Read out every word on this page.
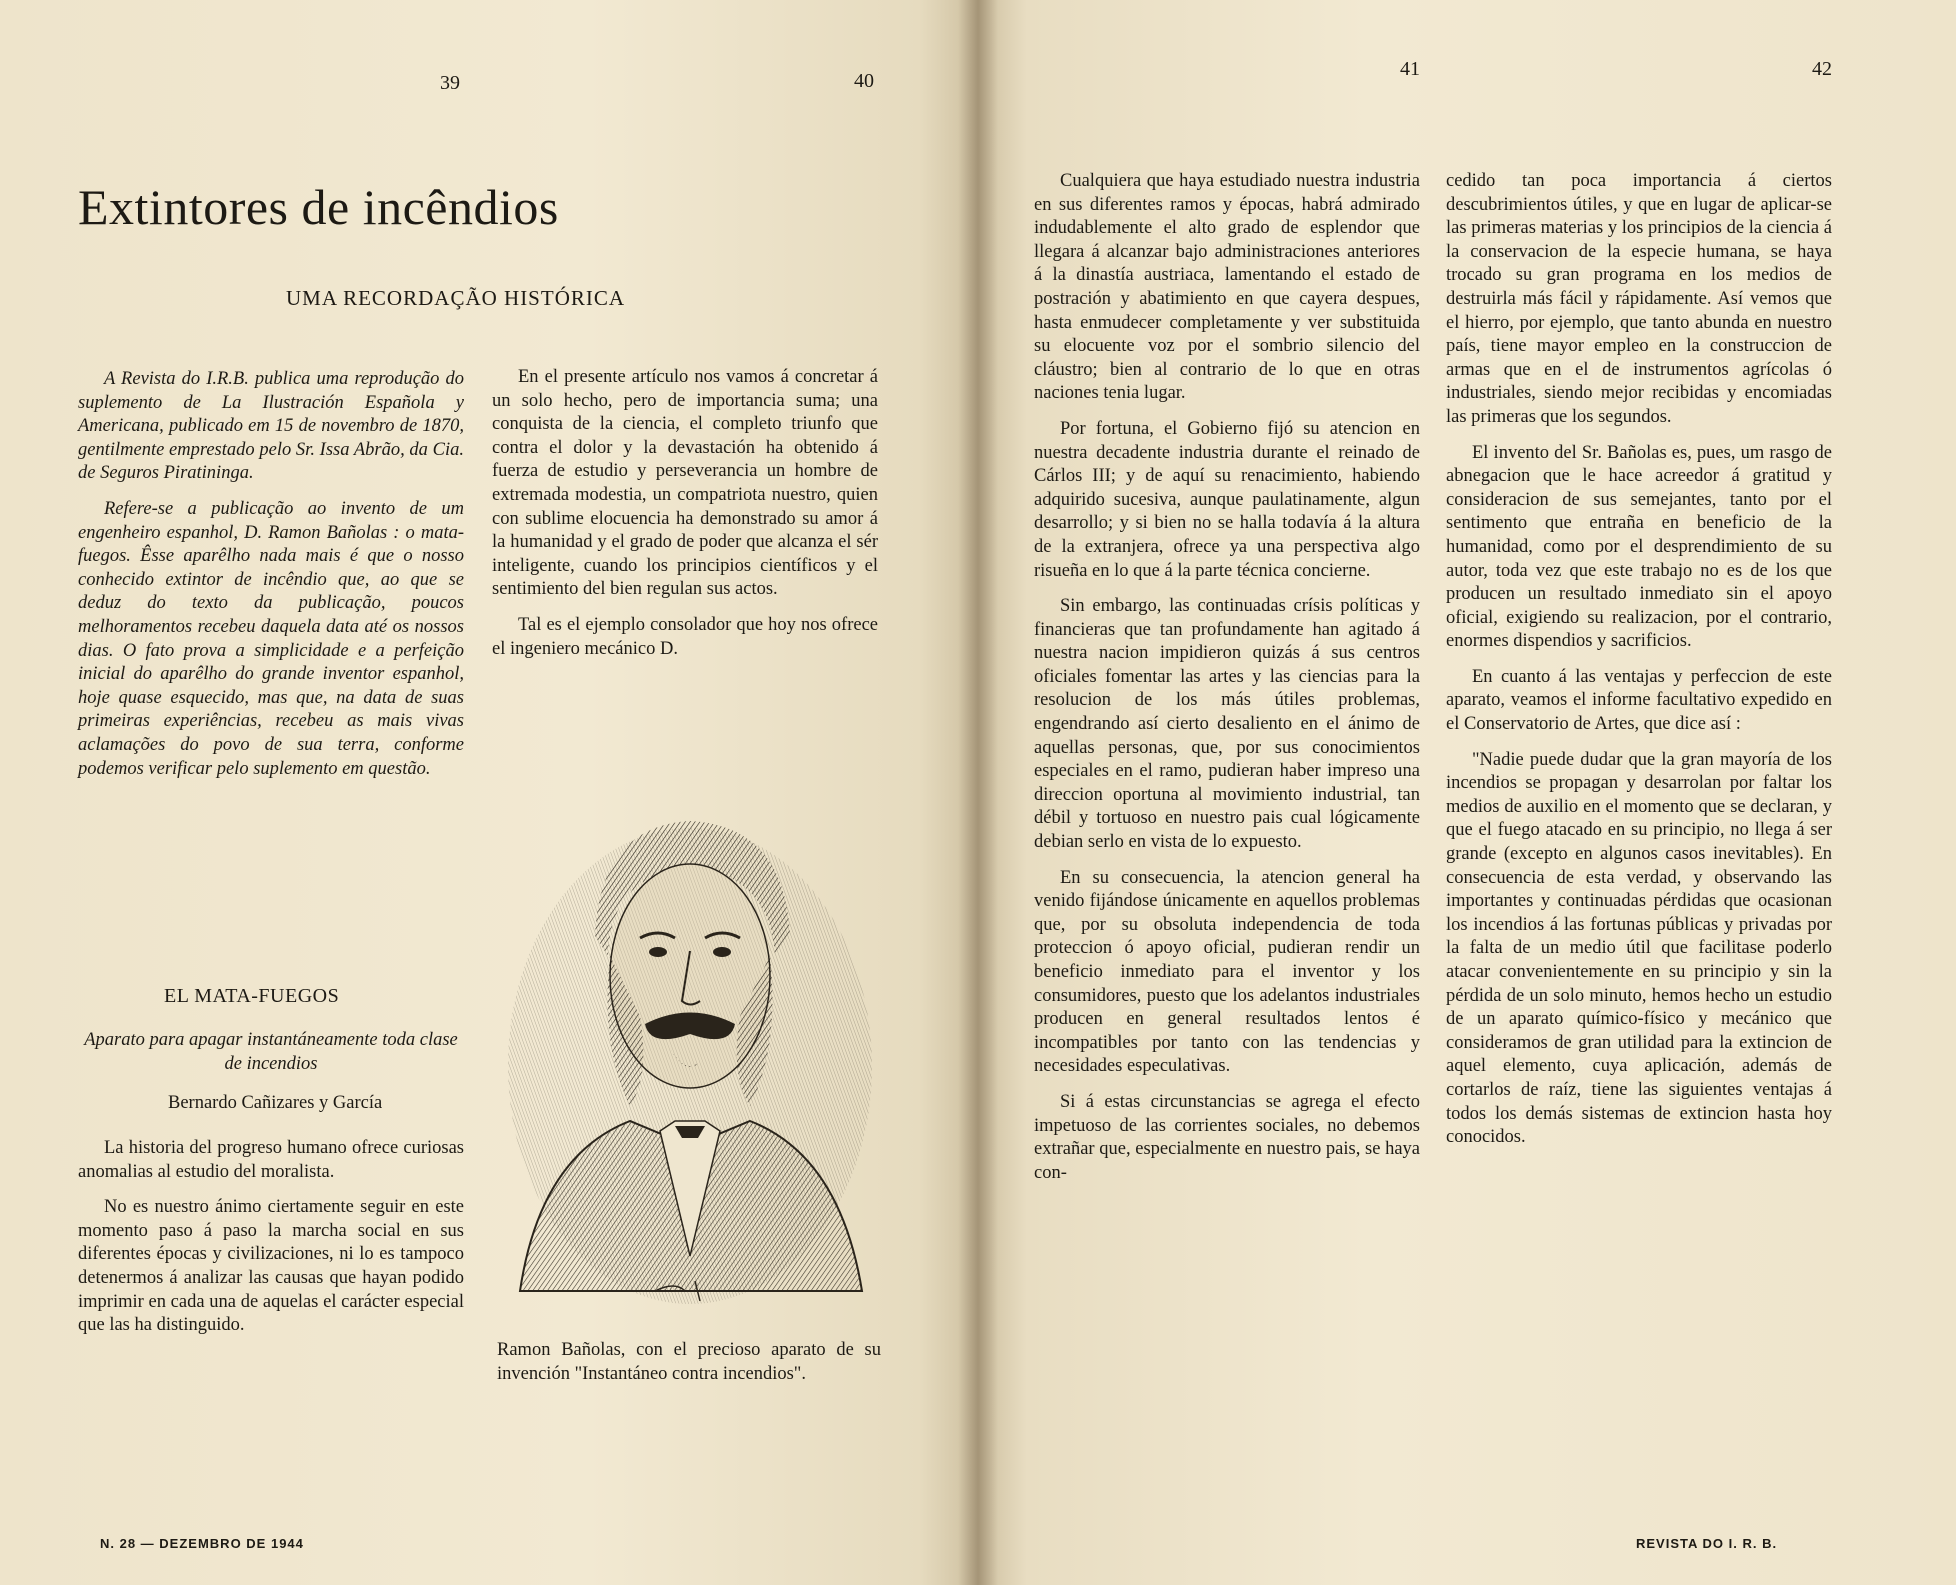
39	40
Extintores de incêndios
UMA RECORDAÇÃO HISTÓRICA

A Revista do I.R.B. publica uma reprodução do suplemento de La Ilustración Española y Americana, publicado em 15 de novembro de 1870, gentilmente emprestado pelo Sr. Issa Abrão, da Cia. de Seguros Piratininga.

Refere-se a publicação ao invento de um engenheiro espanhol, D. Ramon Bañolas : o mata-fuegos. Êsse aparêlho nada mais é que o nosso conhecido extintor de incêndio que, ao que se deduz do texto da publicação, poucos melhoramentos recebeu daquela data até os nossos dias. O fato prova a simplicidade e a perfeição inicial do aparêlho do grande inventor espanhol, hoje quase esquecido, mas que, na data de suas primeiras experiências, recebeu as mais vivas aclamações do povo de sua terra, conforme podemos verificar pelo suplemento em questão.

EL MATA-FUEGOS
Aparato para apagar instantáneamente toda clase de incendios
Bernardo Cañizares y García

La historia del progreso humano ofrece curiosas anomalias al estudio del moralista.

No es nuestro ánimo ciertamente seguir en este momento paso á paso la marcha social en sus diferentes épocas y civilizaciones, ni lo es tampoco detenermos á analizar las causas que hayan podido imprimir en cada una de aquelas el carácter especial que las ha distinguido.

En el presente artículo nos vamos á concretar á un solo hecho, pero de importancia suma; una conquista de la ciencia, el completo triunfo que contra el dolor y la devastación ha obtenido á fuerza de estudio y perseverancia un hombre de extremada modestia, un compatriota nuestro, quien con sublime elocuencia ha demonstrado su amor á la humanidad y el grado de poder que alcanza el sér inteligente, cuando los principios científicos y el sentimiento del bien regulan sus actos.

Tal es el ejemplo consolador que hoy nos ofrece el ingeniero mecánico D.

Ramon Bañolas, con el precioso aparato de su invención "Instantáneo contra incendios".
N. 28 — DEZEMBRO DE 1944
41	42

Cualquiera que haya estudiado nuestra industria en sus diferentes ramos y épocas, habrá admirado indudablemente el alto grado de esplendor que llegara á alcanzar bajo administraciones anteriores á la dinastía austriaca, lamentando el estado de postración y abatimiento en que cayera despues, hasta enmudecer completamente y ver substituida su elocuente voz por el sombrio silencio del cláustro; bien al contrario de lo que en otras naciones tenia lugar.

Por fortuna, el Gobierno fijó su atencion en nuestra decadente industria durante el reinado de Cárlos III; y de aquí su renacimiento, habiendo adquirido sucesiva, aunque paulatinamente, algun desarrollo; y si bien no se halla todavía á la altura de la extranjera, ofrece ya una perspectiva algo risueña en lo que á la parte técnica concierne.

Sin embargo, las continuadas crísis políticas y financieras que tan profundamente han agitado á nuestra nacion impidieron quizás á sus centros oficiales fomentar las artes y las ciencias para la resolucion de los más útiles problemas, engendrando así cierto desaliento en el ánimo de aquellas personas, que, por sus conocimientos especiales en el ramo, pudieran haber impreso una direccion oportuna al movimiento industrial, tan débil y tortuoso en nuestro pais cual lógicamente debian serlo en vista de lo expuesto.

En su consecuencia, la atencion general ha venido fijándose únicamente en aquellos problemas que, por su obsoluta independencia de toda proteccion ó apoyo oficial, pudieran rendir un beneficio inmediato para el inventor y los consumidores, puesto que los adelantos industriales producen en general resultados lentos é incompatibles por tanto con las tendencias y necesidades especulativas.

Si á estas circunstancias se agrega el efecto impetuoso de las corrientes sociales, no debemos extrañar que, especialmente en nuestro pais, se haya con-

cedido tan poca importancia á ciertos descubrimientos útiles, y que en lugar de aplicar-se las primeras materias y los principios de la ciencia á la conservacion de la especie humana, se haya trocado su gran programa en los medios de destruirla más fácil y rápidamente. Así vemos que el hierro, por ejemplo, que tanto abunda en nuestro país, tiene mayor empleo en la construccion de armas que en el de instrumentos agrícolas ó industriales, siendo mejor recibidas y encomiadas las primeras que los segundos.

El invento del Sr. Bañolas es, pues, um rasgo de abnegacion que le hace acreedor á gratitud y consideracion de sus semejantes, tanto por el sentimento que entraña en beneficio de la humanidad, como por el desprendimiento de su autor, toda vez que este trabajo no es de los que producen un resultado inmediato sin el apoyo oficial, exigiendo su realizacion, por el contrario, enormes dispendios y sacrificios.

En cuanto á las ventajas y perfeccion de este aparato, veamos el informe facultativo expedido en el Conservatorio de Artes, que dice así :

"Nadie puede dudar que la gran mayoría de los incendios se propagan y desarrolan por faltar los medios de auxilio en el momento que se declaran, y que el fuego atacado en su principio, no llega á ser grande (excepto en algunos casos inevitables). En consecuencia de esta verdad, y observando las importantes y continuadas pérdidas que ocasionan los incendios á las fortunas públicas y privadas por la falta de un medio útil que facilitase poderlo atacar convenientemente en su principio y sin la pérdida de un solo minuto, hemos hecho un estudio de un aparato químico-físico y mecánico que consideramos de gran utilidad para la extincion de aquel elemento, cuya aplicación, además de cortarlos de raíz, tiene las siguientes ventajas á todos los demás sistemas de extincion hasta hoy conocidos.

REVISTA DO I. R. B.
